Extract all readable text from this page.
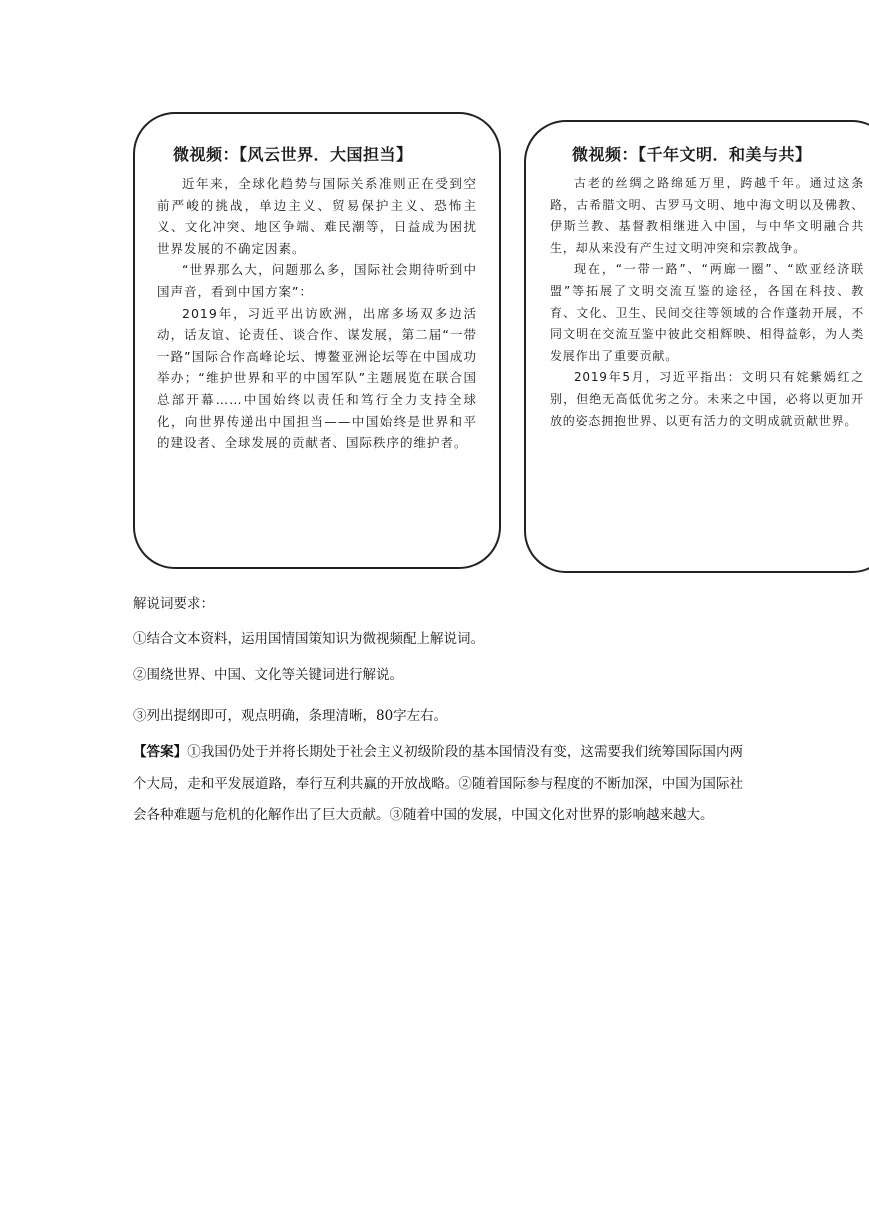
微视频：【风云世界．大国担当】

近年来，全球化趋势与国际关系准则正在受到空前严峻的挑战，单边主义、贸易保护主义、恐怖主义、文化冲突、地区争端、难民潮等，日益成为困扰世界发展的不确定因素。

“世界那么大，问题那么多，国际社会期待听到中国声音，看到中国方案”：

2019年，习近平出访欧洲，出席多场双多边活动，话友谊、论责任、谈合作、谋发展，第二届“一带一路”国际合作高峰论坛、博鳌亚洲论坛等在中国成功举办；“维护世界和平的中国军队”主题展览在联合国总部开幕……中国始终以责任和笃行全力支持全球化，向世界传递出中国担当——中国始终是世界和平的建设者、全球发展的贡献者、国际秩序的维护者。

微视频：【千年文明．和美与共】

古老的丝绸之路绵延万里，跨越千年。通过这条路，古希腊文明、古罗马文明、地中海文明以及佛教、伊斯兰教、基督教相继进入中国，与中华文明融合共生，却从来没有产生过文明冲突和宗教战争。

现在，“一带一路”、“两廊一圈”、“欧亚经济联盟”等拓展了文明交流互鉴的途径，各国在科技、教育、文化、卫生、民间交往等领域的合作蓬勃开展，不同文明在交流互鉴中彼此交相辉映、相得益彰，为人类发展作出了重要贡献。

2019年5月，习近平指出：文明只有姹紫嫣红之别，但绝无高低优劣之分。未来之中国，必将以更加开放的姿态拥抱世界、以更有活力的文明成就贡献世界。

解说词要求：

①结合文本资料，运用国情国策知识为微视频配上解说词。

②围绕世界、中国、文化等关键词进行解说。

③列出提纲即可，观点明确，条理清晰，80字左右。

【答案】①我国仍处于并将长期处于社会主义初级阶段的基本国情没有变，这需要我们统筹国际国内两个大局，走和平发展道路，奉行互利共赢的开放战略。②随着国际参与程度的不断加深，中国为国际社会各种难题与危机的化解作出了巨大贡献。③随着中国的发展，中国文化对世界的影响越来越大。
